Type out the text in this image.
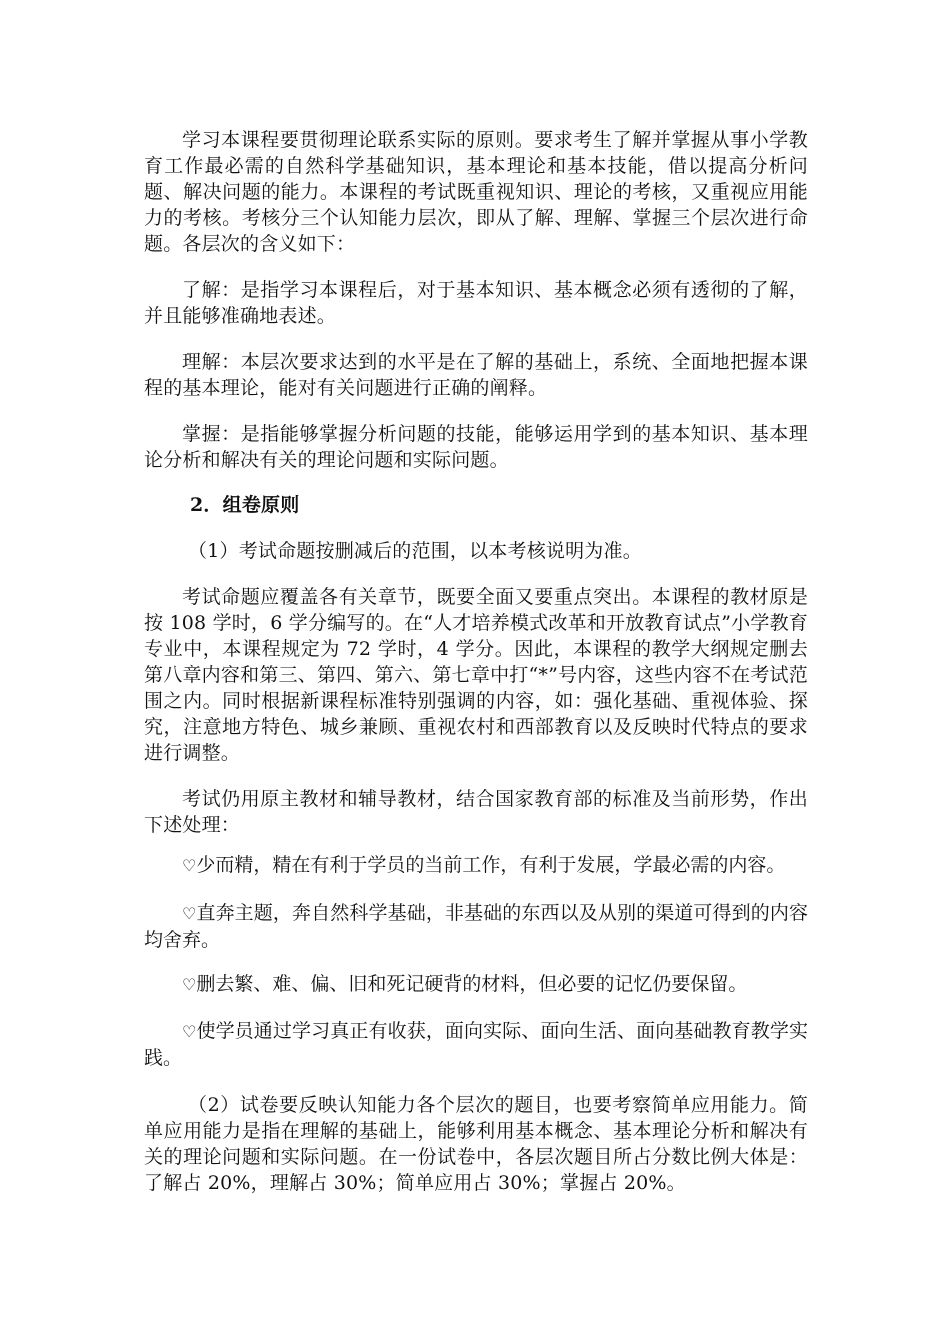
学习本课程要贯彻理论联系实际的原则。要求考生了解并掌握从事小学教育工作最必需的自然科学基础知识，基本理论和基本技能，借以提高分析问题、解决问题的能力。本课程的考试既重视知识、理论的考核，又重视应用能力的考核。考核分三个认知能力层次，即从了解、理解、掌握三个层次进行命题。各层次的含义如下：

了解：是指学习本课程后，对于基本知识、基本概念必须有透彻的了解，并且能够准确地表述。

理解：本层次要求达到的水平是在了解的基础上，系统、全面地把握本课程的基本理论，能对有关问题进行正确的阐释。

掌握：是指能够掌握分析问题的技能，能够运用学到的基本知识、基本理论分析和解决有关的理论问题和实际问题。

2．组卷原则

（1）考试命题按删减后的范围，以本考核说明为准。

考试命题应覆盖各有关章节，既要全面又要重点突出。本课程的教材原是按 108 学时，6 学分编写的。在“人才培养模式改革和开放教育试点”小学教育专业中，本课程规定为 72 学时，4 学分。因此，本课程的教学大纲规定删去第八章内容和第三、第四、第六、第七章中打“*”号内容，这些内容不在考试范围之内。同时根据新课程标准特别强调的内容，如：强化基础、重视体验、探究，注意地方特色、城乡兼顾、重视农村和西部教育以及反映时代特点的要求进行调整。

考试仍用原主教材和辅导教材，结合国家教育部的标准及当前形势，作出下述处理：

♡少而精，精在有利于学员的当前工作，有利于发展，学最必需的内容。

♡直奔主题，奔自然科学基础，非基础的东西以及从别的渠道可得到的内容均舍弃。

♡删去繁、难、偏、旧和死记硬背的材料，但必要的记忆仍要保留。

♡使学员通过学习真正有收获，面向实际、面向生活、面向基础教育教学实践。

（2）试卷要反映认知能力各个层次的题目，也要考察简单应用能力。简单应用能力是指在理解的基础上，能够利用基本概念、基本理论分析和解决有关的理论问题和实际问题。在一份试卷中，各层次题目所占分数比例大体是：了解占 20%，理解占 30%；简单应用占 30%；掌握占 20%。
